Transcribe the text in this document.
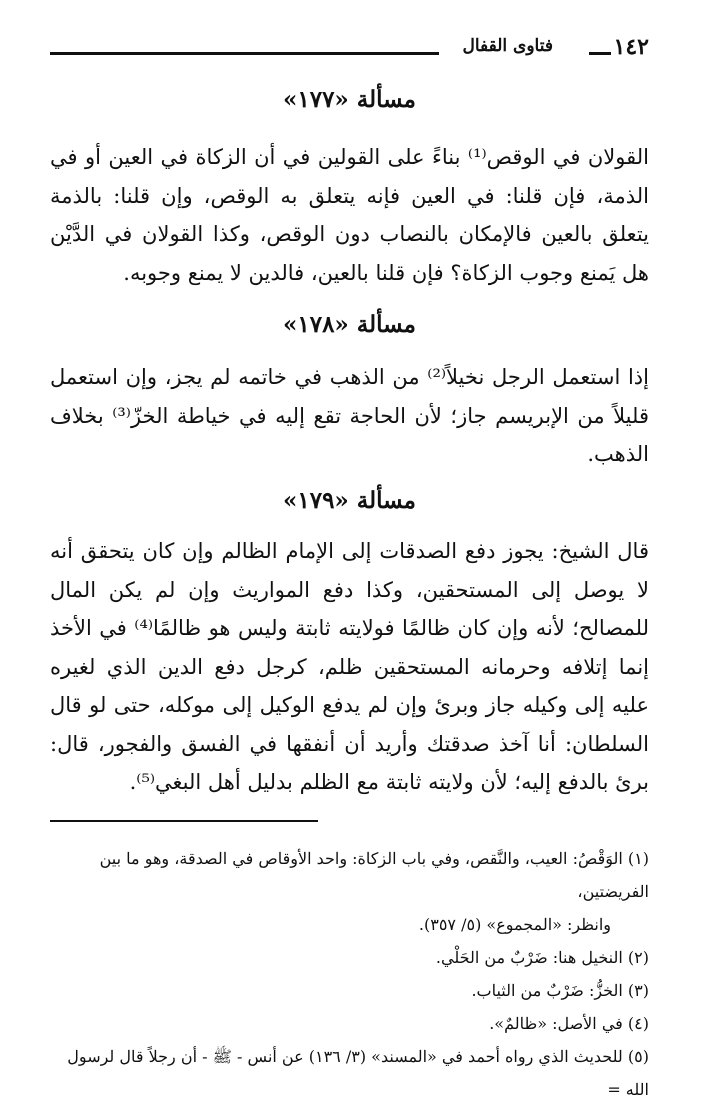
١٤٢
فتاوى القفال
مسألة «١٧٧»

القولان في الوقص⁽¹⁾ بناءً على القولين في أن الزكاة في العين أو في الذمة، فإن قلنا: في العين فإنه يتعلق به الوقص، وإن قلنا: بالذمة يتعلق بالعين فالإمكان بالنصاب دون الوقص، وكذا القولان في الدَّيْن هل يَمنع وجوب الزكاة؟ فإن قلنا بالعين، فالدين لا يمنع وجوبه.

مسألة «١٧٨»

إذا استعمل الرجل نخيلاً⁽²⁾ من الذهب في خاتمه لم يجز، وإن استعمل قليلاً من الإبريسم جاز؛ لأن الحاجة تقع إليه في خياطة الخزّ⁽³⁾ بخلاف الذهب.

مسألة «١٧٩»

قال الشيخ: يجوز دفع الصدقات إلى الإمام الظالم وإن كان يتحقق أنه لا يوصل إلى المستحقين، وكذا دفع المواريث وإن لم يكن المال للمصالح؛ لأنه وإن كان ظالمًا فولايته ثابتة وليس هو ظالمًا⁽⁴⁾ في الأخذ إنما إتلافه وحرمانه المستحقين ظلم، كرجل دفع الدين الذي لغيره عليه إلى وكيله جاز وبرئ وإن لم يدفع الوكيل إلى موكله، حتى لو قال السلطان: أنا آخذ صدقتك وأريد أن أنفقها في الفسق والفجور، قال: برئ بالدفع إليه؛ لأن ولايته ثابتة مع الظلم بدليل أهل البغي⁽⁵⁾.

(١) الوَقْصُ: العيب، والنَّقص، وفي باب الزكاة: واحد الأوقاص في الصدقة، وهو ما بين الفريضتين،

وانظر: «المجموع» (٥/ ٣٥٧).

(٢) النخيل هنا: ضَرْبٌ من الحَلْي.

(٣) الخزُّ: ضَرْبٌ من الثياب.

(٤) في الأصل: «ظالمٌ».

(٥) للحديث الذي رواه أحمد في «المسند» (٣/ ١٣٦) عن أنس - ﷺ - أن رجلاً قال لرسول الله =
